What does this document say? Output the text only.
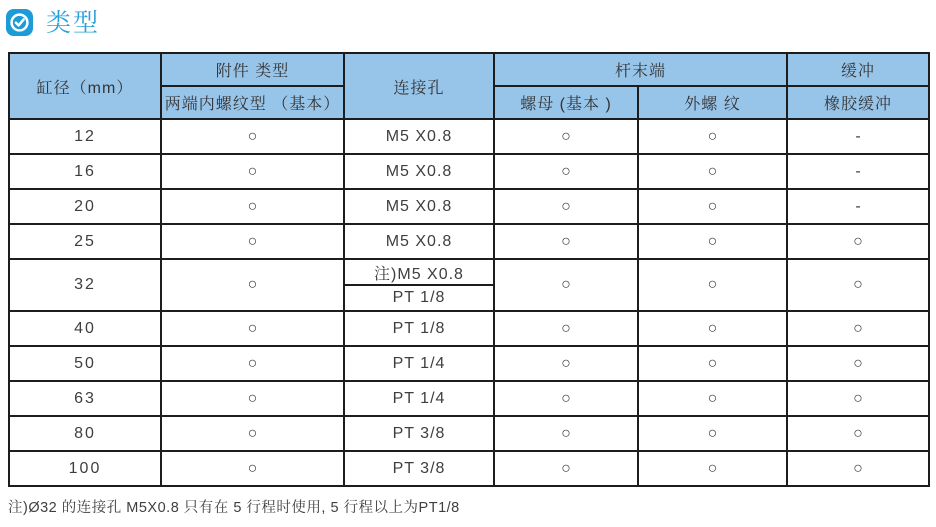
类型
缸径（mm）	附件 类型	连接孔	杆末端		缓冲
	两端内螺纹型 （基本）		螺母 (基本 )	外螺 纹	橡胶缓冲
12	○	M5 X0.8	○	○	-
16	○	M5 X0.8	○	○	-
20	○	M5 X0.8	○	○	-
25	○	M5 X0.8	○	○	○
32	○	注)M5 X0.8	○	○	○
		PT 1/8			
40	○	PT 1/8	○	○	○
50	○	PT 1/4	○	○	○
63	○	PT 1/4	○	○	○
80	○	PT 3/8	○	○	○
100	○	PT 3/8	○	○	○
注)Ø32 的连接孔 M5X0.8 只有在 5 行程时使用, 5 行程以上为PT1/8
